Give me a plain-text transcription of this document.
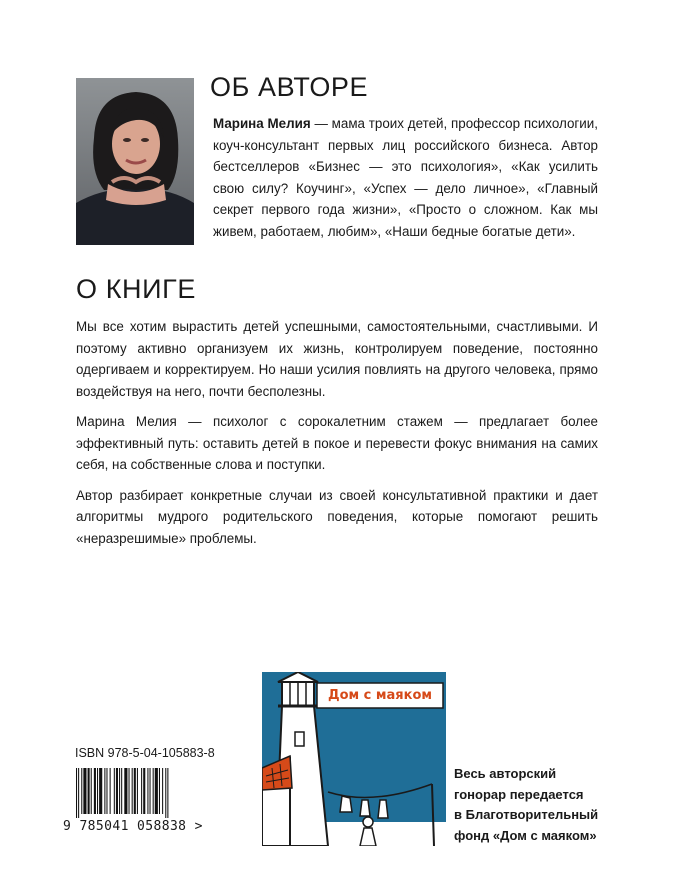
ОБ АВТОРЕ

Марина Мелия — мама троих детей, профессор психологии, коуч-консультант первых лиц российского бизнеса. Автор бестселлеров «Бизнес — это психология», «Как усилить свою силу? Коучинг», «Успех — дело личное», «Главный секрет первого года жизни», «Просто о сложном. Как мы живем, работаем, любим», «Наши бедные богатые дети».

О КНИГЕ

Мы все хотим вырастить детей успешными, самостоятельными, счастливыми. И поэтому активно организуем их жизнь, контролируем поведение, постоянно одергиваем и корректируем. Но наши усилия повлиять на другого человека, прямо воздействуя на него, почти бесполезны.

Марина Мелия — психолог с сорокалетним стажем — предлагает более эффективный путь: оставить детей в покое и перевести фокус внимания на самих себя, на собственные слова и поступки.

Автор разбирает конкретные случаи из своей консультативной практики и дает алгоритмы мудрого родительского поведения, которые помогают решить «неразрешимые» проблемы.

ISBN 978-5-04-105883-8
9 785041 058838 >
Дом с маяком
Весь авторский
гонорар передается
в Благотворительный
фонд «Дом с маяком»
